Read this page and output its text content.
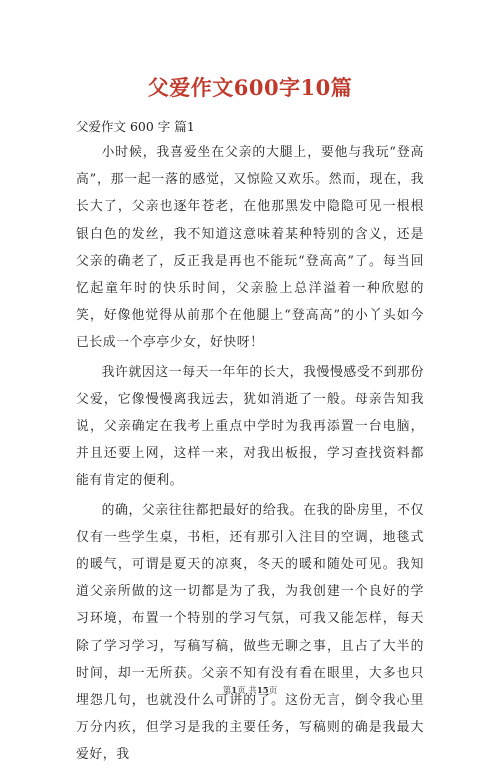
父爱作文600字10篇
父爱作文 600 字 篇1

小时候，我喜爱坐在父亲的大腿上，要他与我玩“登高高”，那一起一落的感觉，又惊险又欢乐。然而，现在，我长大了，父亲也逐年苍老，在他那黑发中隐隐可见一根根银白色的发丝，我不知道这意味着某种特别的含义，还是父亲的确老了，反正我是再也不能玩“登高高”了。每当回忆起童年时的快乐时间，父亲脸上总洋溢着一种欣慰的笑，好像他觉得从前那个在他腿上“登高高”的小丫头如今已长成一个亭亭少女，好快呀！

我许就因这一每天一年年的长大，我慢慢感受不到那份父爱，它像慢慢离我远去，犹如消逝了一般。母亲告知我说，父亲确定在我考上重点中学时为我再添置一台电脑，并且还要上网，这样一来，对我出板报，学习查找资料都能有肯定的便利。

的确，父亲往往都把最好的给我。在我的卧房里，不仅仅有一些学生桌，书柜，还有那引入注目的空调，地毯式的暖气，可谓是夏天的凉爽，冬天的暖和随处可见。我知道父亲所做的这一切都是为了我，为我创建一个良好的学习环境，布置一个特别的学习气氛，可我又能怎样，每天除了学习学习，写稿写稿，做些无聊之事，且占了大半的时间，却一无所获。父亲不知有没有看在眼里，大多也只埋怨几句，也就没什么可讲的了。这份无言，倒令我心里万分内疚，但学习是我的主要任务，写稿则的确是我最大爱好，我

第1页 共15页
